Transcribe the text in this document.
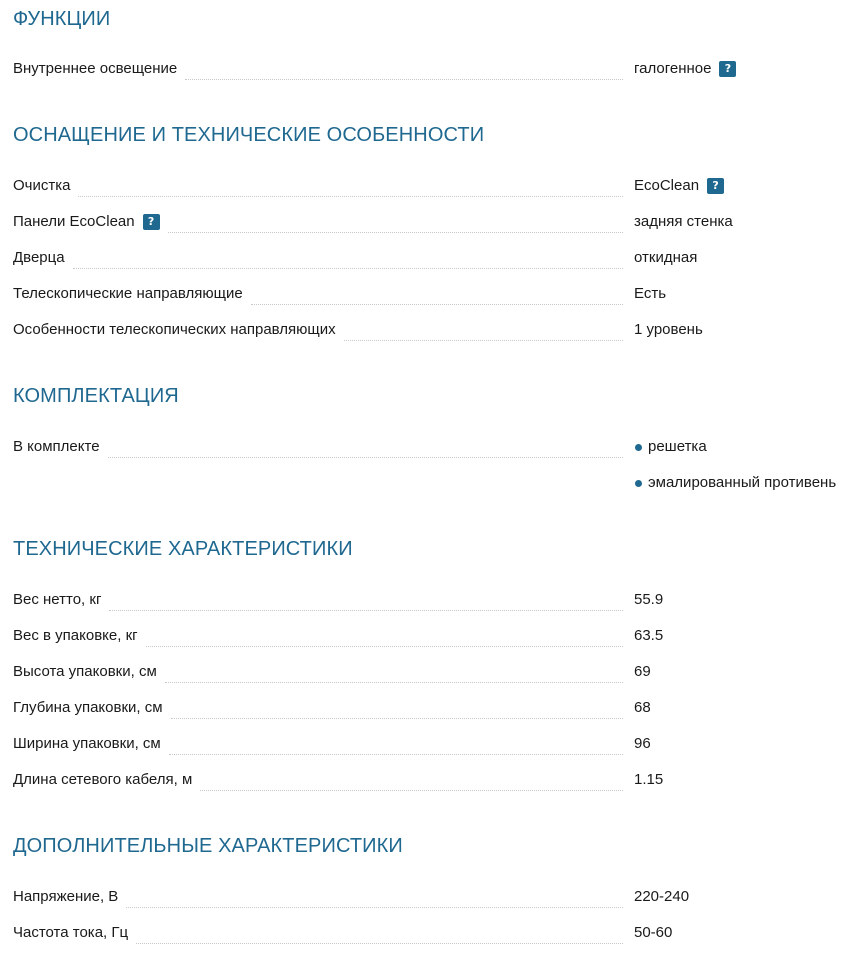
ФУНКЦИИ
Внутреннее освещение	галогенное	?
ОСНАЩЕНИЕ И ТЕХНИЧЕСКИЕ ОСОБЕННОСТИ
Очистка	EcoClean	?
Панели EcoClean	?	задняя стенка
Дверца	откидная
Телескопические направляющие	Есть
Особенности телескопических направляющих	1 уровень
КОМПЛЕКТАЦИЯ
В комплекте	решетка
эмалированный противень
ТЕХНИЧЕСКИЕ ХАРАКТЕРИСТИКИ
Вес нетто, кг	55.9
Вес в упаковке, кг	63.5
Высота упаковки, см	69
Глубина упаковки, см	68
Ширина упаковки, см	96
Длина сетевого кабеля, м	1.15
ДОПОЛНИТЕЛЬНЫЕ ХАРАКТЕРИСТИКИ
Напряжение, В	220-240
Частота тока, Гц	50-60
